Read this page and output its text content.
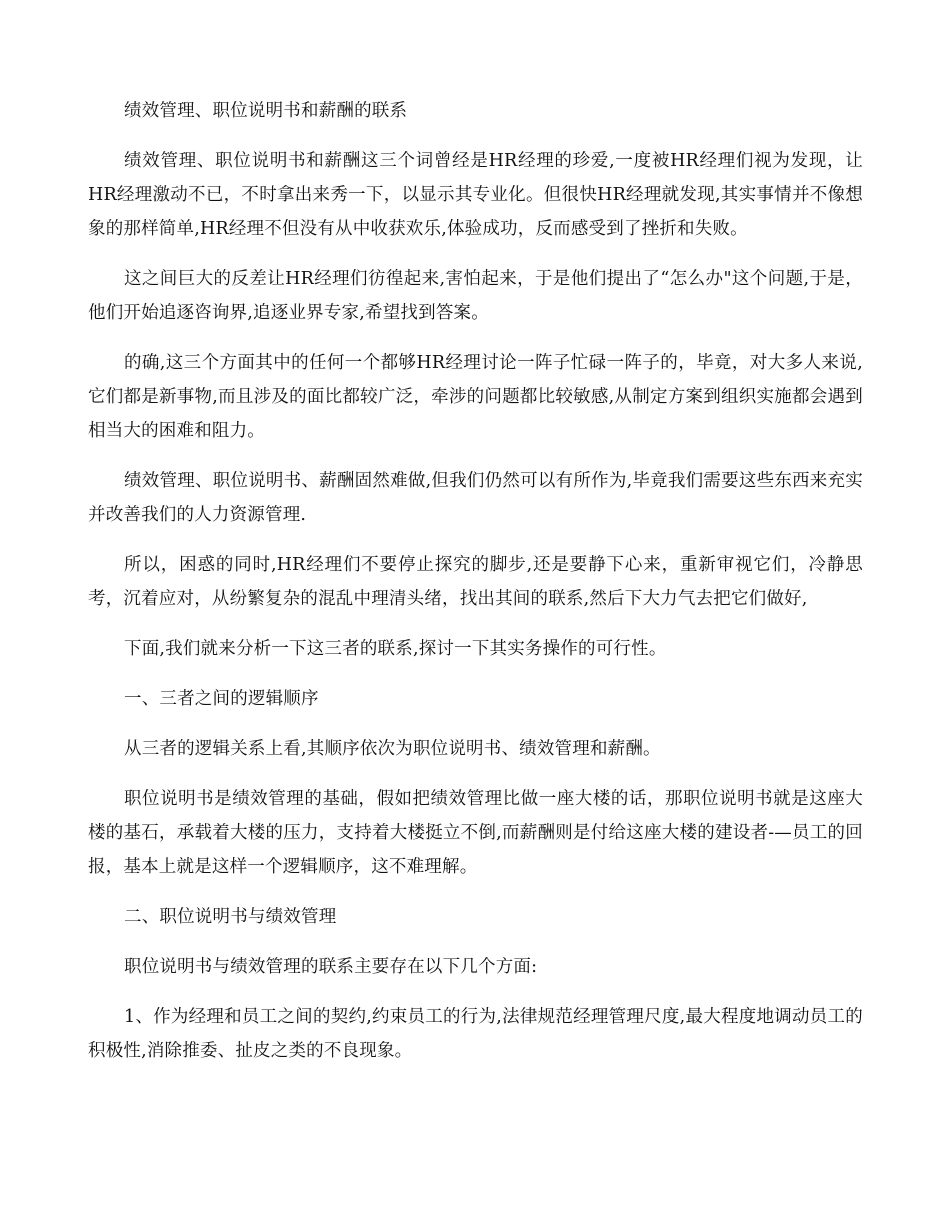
绩效管理、职位说明书和薪酬的联系

绩效管理、职位说明书和薪酬这三个词曾经是HR经理的珍爱,一度被HR经理们视为发现，让HR经理激动不已，不时拿出来秀一下，以显示其专业化。但很快HR经理就发现,其实事情并不像想象的那样简单,HR经理不但没有从中收获欢乐,体验成功，反而感受到了挫折和失败。

这之间巨大的反差让HR经理们彷徨起来,害怕起来，于是他们提出了“怎么办"这个问题,于是，他们开始追逐咨询界,追逐业界专家,希望找到答案。

的确,这三个方面其中的任何一个都够HR经理讨论一阵子忙碌一阵子的，毕竟，对大多人来说,它们都是新事物,而且涉及的面比都较广泛，牵涉的问题都比较敏感,从制定方案到组织实施都会遇到相当大的困难和阻力。

绩效管理、职位说明书、薪酬固然难做,但我们仍然可以有所作为,毕竟我们需要这些东西来充实并改善我们的人力资源管理.

所以，困惑的同时,HR经理们不要停止探究的脚步,还是要静下心来，重新审视它们，冷静思考，沉着应对，从纷繁复杂的混乱中理清头绪，找出其间的联系,然后下大力气去把它们做好,

下面,我们就来分析一下这三者的联系,探讨一下其实务操作的可行性。

一、三者之间的逻辑顺序

从三者的逻辑关系上看,其顺序依次为职位说明书、绩效管理和薪酬。

职位说明书是绩效管理的基础，假如把绩效管理比做一座大楼的话，那职位说明书就是这座大楼的基石，承载着大楼的压力，支持着大楼挺立不倒,而薪酬则是付给这座大楼的建设者-—员工的回报，基本上就是这样一个逻辑顺序，这不难理解。

二、职位说明书与绩效管理

职位说明书与绩效管理的联系主要存在以下几个方面:

1、作为经理和员工之间的契约,约束员工的行为,法律规范经理管理尺度,最大程度地调动员工的积极性,消除推委、扯皮之类的不良现象。
